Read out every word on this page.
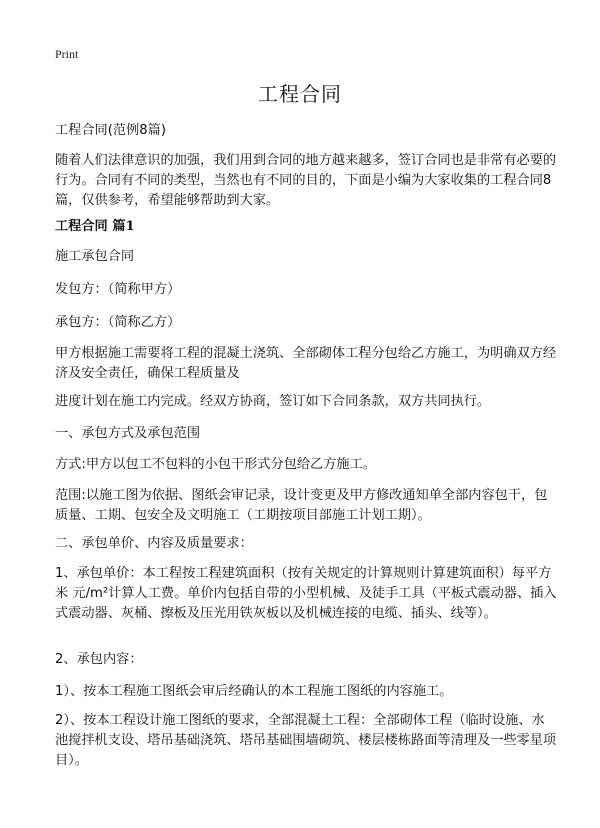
Print
工程合同

工程合同(范例8篇)

随着人们法律意识的加强，我们用到合同的地方越来越多，签订合同也是非常有必要的行为。合同有不同的类型，当然也有不同的目的，下面是小编为大家收集的工程合同8篇，仅供参考，希望能够帮助到大家。

工程合同 篇1

施工承包合同

发包方：（简称甲方）

承包方：（简称乙方）

甲方根据施工需要将工程的混凝土浇筑、全部砌体工程分包给乙方施工，为明确双方经济及安全责任，确保工程质量及

进度计划在施工内完成。经双方协商，签订如下合同条款，双方共同执行。

一、承包方式及承包范围

方式:甲方以包工不包料的小包干形式分包给乙方施工。

范围:以施工图为依据、图纸会审记录，设计变更及甲方修改通知单全部内容包干，包质量、工期、包安全及文明施工（工期按项目部施工计划工期）。

二、承包单价、内容及质量要求：

1、承包单价：本工程按工程建筑面积（按有关规定的计算规则计算建筑面积）每平方米 元/m²计算人工费。单价内包括自带的小型机械、及徒手工具（平板式震动器、插入式震动器、灰桶、擦板及压光用铁灰板以及机械连接的电缆、插头、线等）。

2、承包内容：

1）、按本工程施工图纸会审后经确认的本工程施工图纸的内容施工。

2）、按本工程设计施工图纸的要求，全部混凝土工程：全部砌体工程（临时设施、水池搅拌机支设、塔吊基础浇筑、塔吊基础围墙砌筑、楼层楼栋路面等清理及一些零星项目）。
